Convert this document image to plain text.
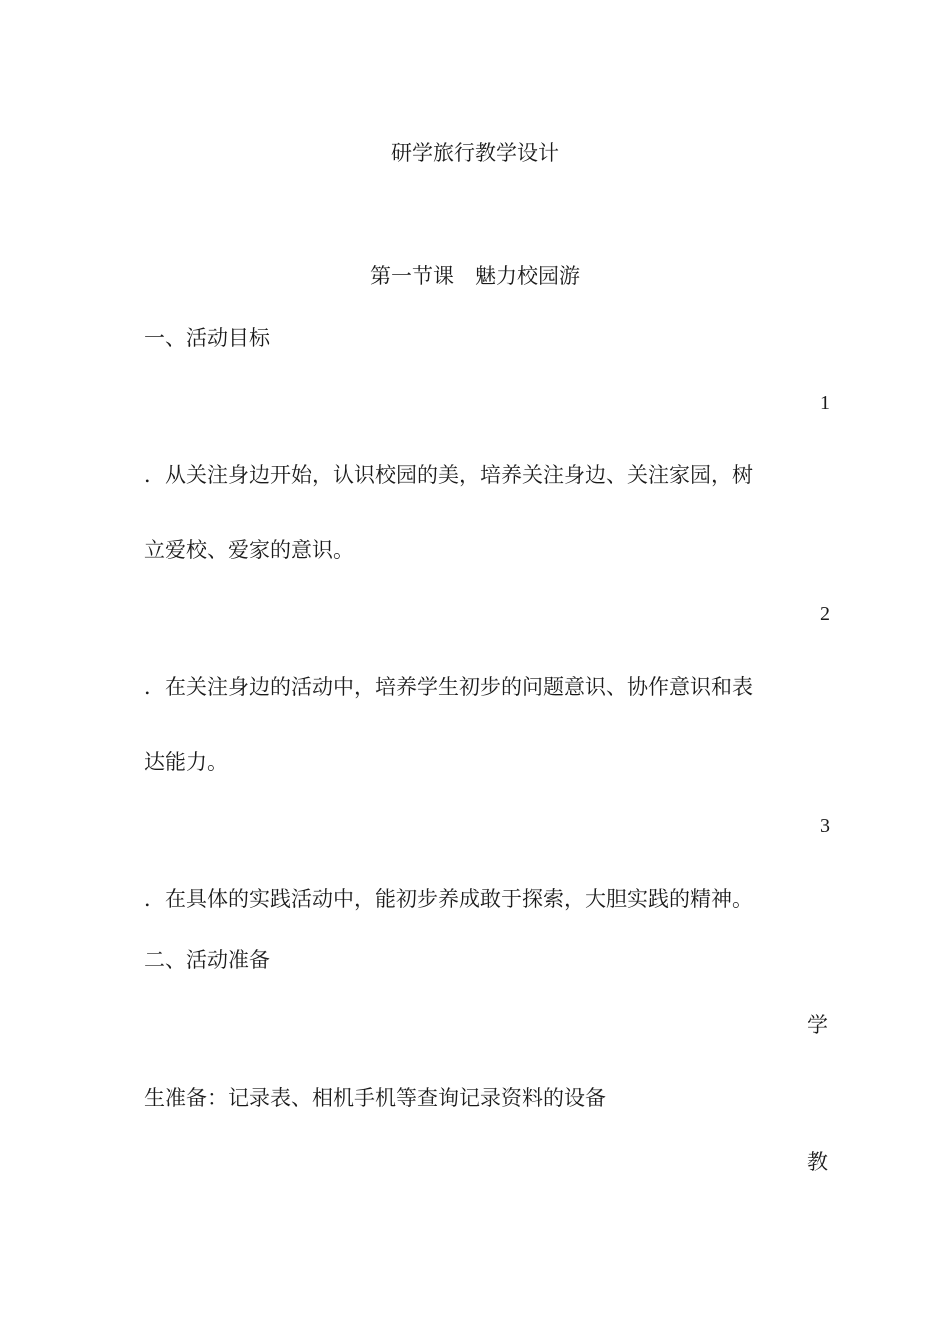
研学旅行教学设计
第一节课　魅力校园游
一、活动目标
1
．从关注身边开始，认识校园的美，培养关注身边、关注家园，树
立爱校、爱家的意识。
2
．在关注身边的活动中，培养学生初步的问题意识、协作意识和表
达能力。
3
．在具体的实践活动中，能初步养成敢于探索，大胆实践的精神。
二、活动准备
学
生准备：记录表、相机手机等查询记录资料的设备
教
